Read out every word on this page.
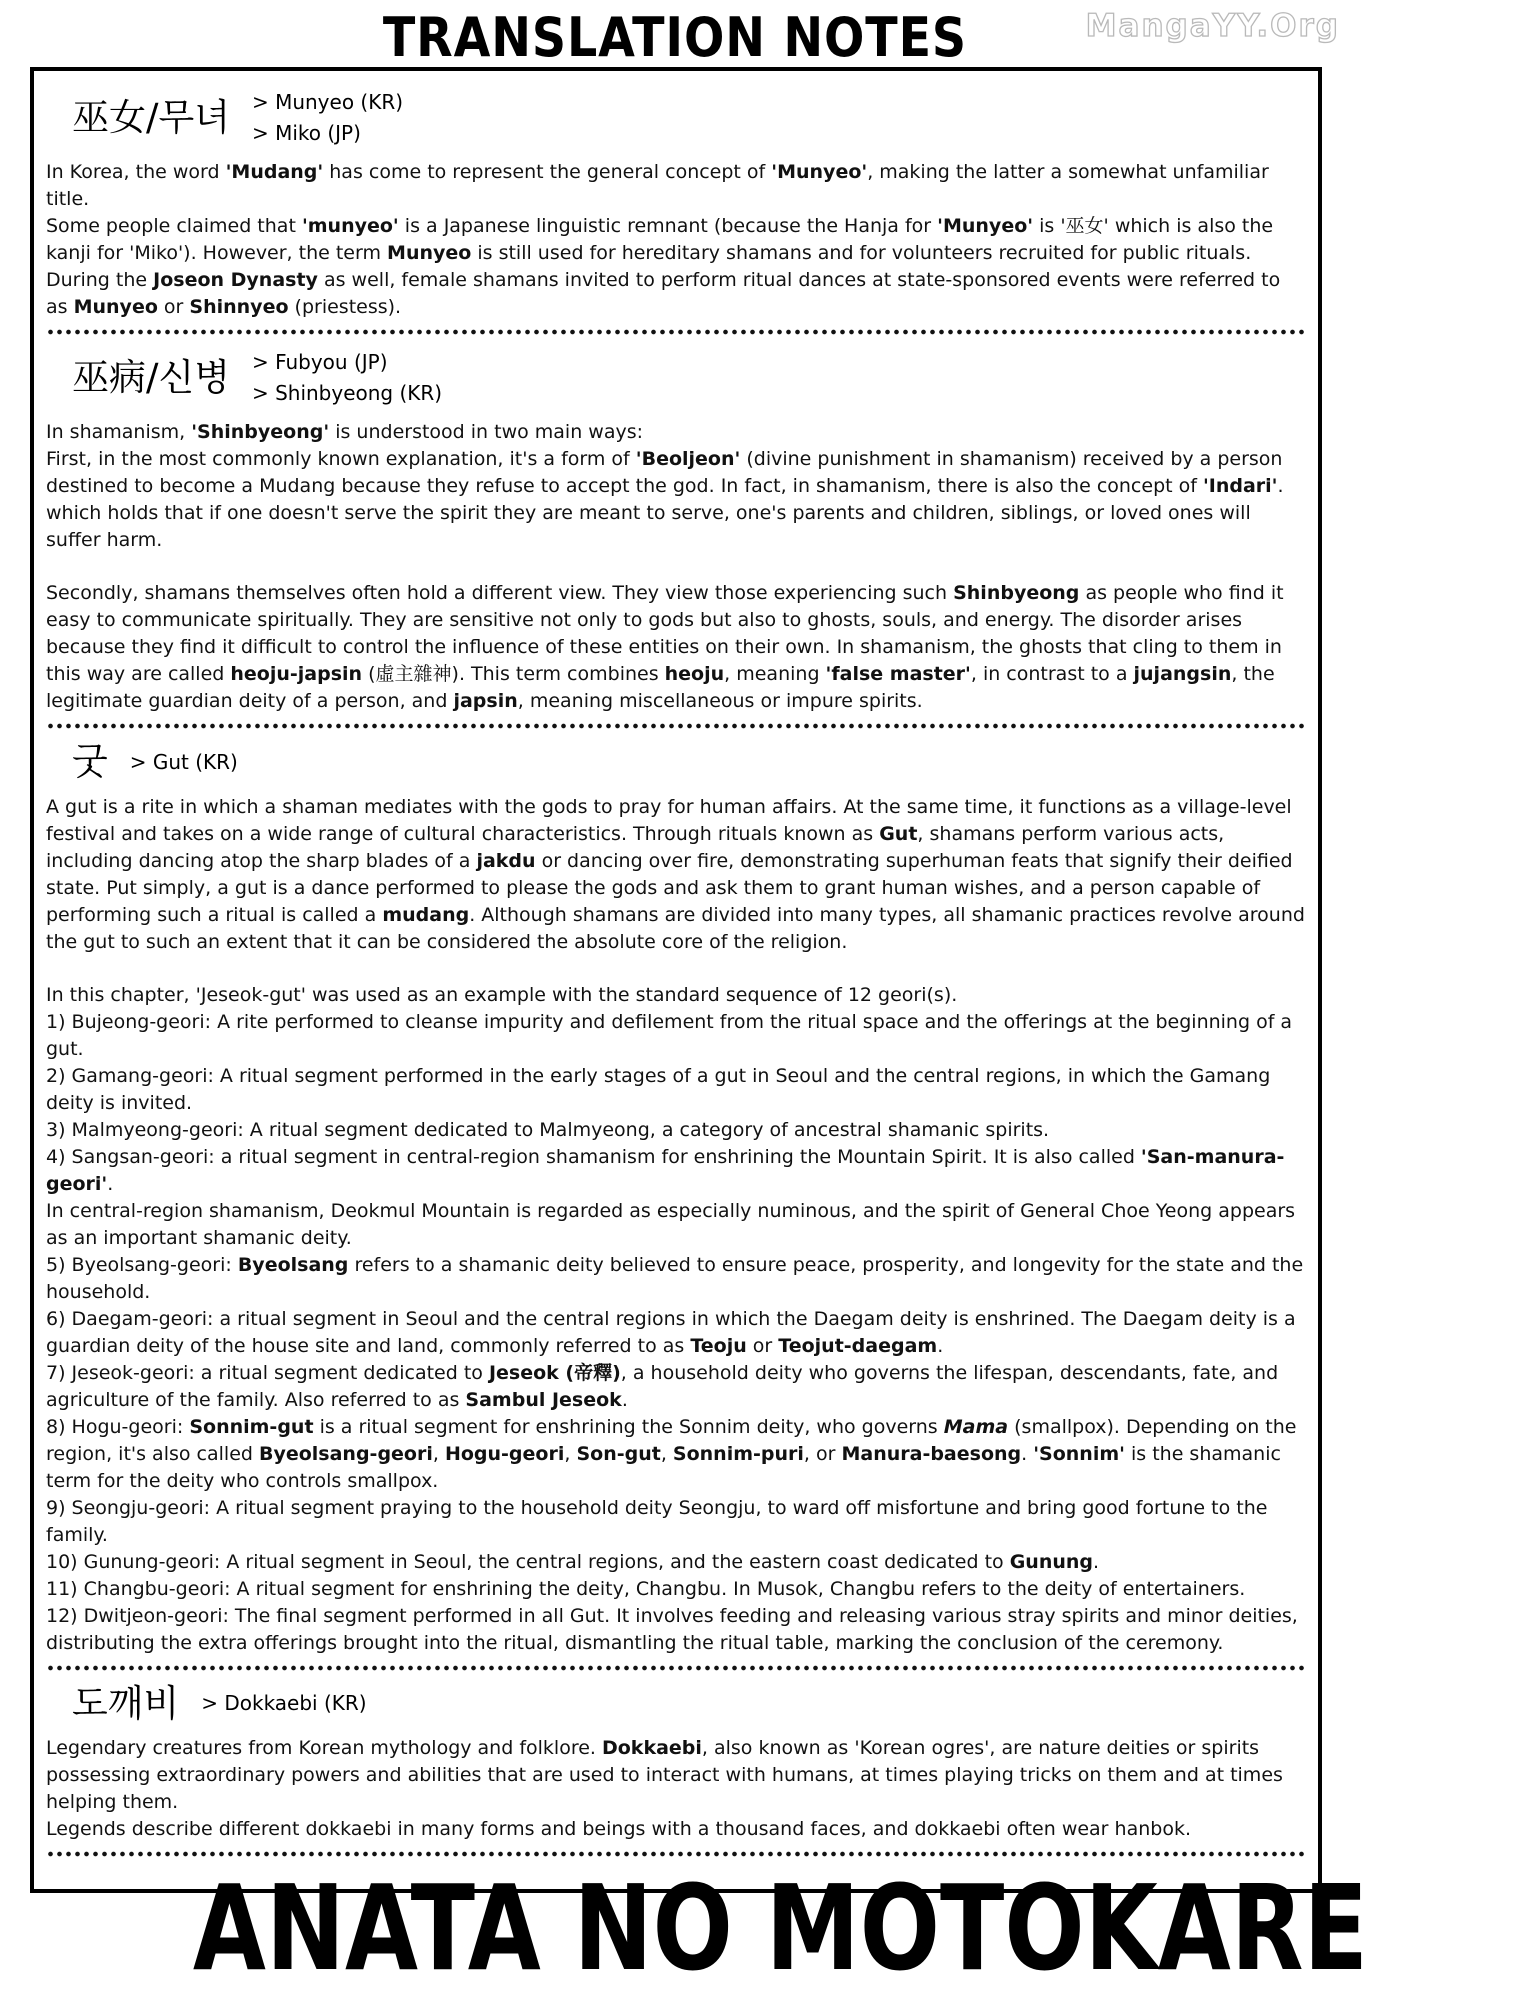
TRANSLATION NOTES	MangaYY.Org
巫女/무녀 > Munyeo (KR)
> Miko (JP)

In Korea, the word 'Mudang' has come to represent the general concept of 'Munyeo', making the latter a somewhat unfamiliar title.
Some people claimed that 'munyeo' is a Japanese linguistic remnant (because the Hanja for 'Munyeo' is '巫女' which is also the kanji for 'Miko'). However, the term Munyeo is still used for hereditary shamans and for volunteers recruited for public rituals. During the Joseon Dynasty as well, female shamans invited to perform ritual dances at state-sponsored events were referred to as Munyeo or Shinnyeo (priestess).

巫病/신병 > Fubyou (JP)
> Shinbyeong (KR)

In shamanism, 'Shinbyeong' is understood in two main ways:
First, in the most commonly known explanation, it's a form of 'Beoljeon' (divine punishment in shamanism) received by a person destined to become a Mudang because they refuse to accept the god. In fact, in shamanism, there is also the concept of 'Indari'. which holds that if one doesn't serve the spirit they are meant to serve, one's parents and children, siblings, or loved ones will suffer harm.

Secondly, shamans themselves often hold a different view. They view those experiencing such Shinbyeong as people who find it easy to communicate spiritually. They are sensitive not only to gods but also to ghosts, souls, and energy. The disorder arises because they find it difficult to control the influence of these entities on their own. In shamanism, the ghosts that cling to them in this way are called heoju-japsin (虛主雜神). This term combines heoju, meaning 'false master', in contrast to a jujangsin, the legitimate guardian deity of a person, and japsin, meaning miscellaneous or impure spirits.

굿 > Gut (KR)

A gut is a rite in which a shaman mediates with the gods to pray for human affairs. At the same time, it functions as a village-level festival and takes on a wide range of cultural characteristics. Through rituals known as Gut, shamans perform various acts, including dancing atop the sharp blades of a jakdu or dancing over fire, demonstrating superhuman feats that signify their deified state. Put simply, a gut is a dance performed to please the gods and ask them to grant human wishes, and a person capable of performing such a ritual is called a mudang. Although shamans are divided into many types, all shamanic practices revolve around the gut to such an extent that it can be considered the absolute core of the religion.

In this chapter, 'Jeseok-gut' was used as an example with the standard sequence of 12 geori(s).
1) Bujeong-geori: A rite performed to cleanse impurity and defilement from the ritual space and the offerings at the beginning of a gut.
2) Gamang-geori: A ritual segment performed in the early stages of a gut in Seoul and the central regions, in which the Gamang deity is invited.
3) Malmyeong-geori: A ritual segment dedicated to Malmyeong, a category of ancestral shamanic spirits.
4) Sangsan-geori: a ritual segment in central-region shamanism for enshrining the Mountain Spirit. It is also called 'San-manura-geori'.
In central-region shamanism, Deokmul Mountain is regarded as especially numinous, and the spirit of General Choe Yeong appears as an important shamanic deity.
5) Byeolsang-geori: Byeolsang refers to a shamanic deity believed to ensure peace, prosperity, and longevity for the state and the household.
6) Daegam-geori: a ritual segment in Seoul and the central regions in which the Daegam deity is enshrined. The Daegam deity is a guardian deity of the house site and land, commonly referred to as Teoju or Teojut-daegam.
7) Jeseok-geori: a ritual segment dedicated to Jeseok (帝釋), a household deity who governs the lifespan, descendants, fate, and agriculture of the family. Also referred to as Sambul Jeseok.
8) Hogu-geori: Sonnim-gut is a ritual segment for enshrining the Sonnim deity, who governs Mama (smallpox). Depending on the region, it's also called Byeolsang-geori, Hogu-geori, Son-gut, Sonnim-puri, or Manura-baesong. 'Sonnim' is the shamanic term for the deity who controls smallpox.
9) Seongju-geori: A ritual segment praying to the household deity Seongju, to ward off misfortune and bring good fortune to the family.
10) Gunung-geori: A ritual segment in Seoul, the central regions, and the eastern coast dedicated to Gunung.
11) Changbu-geori: A ritual segment for enshrining the deity, Changbu. In Musok, Changbu refers to the deity of entertainers.
12) Dwitjeon-geori: The final segment performed in all Gut. It involves feeding and releasing various stray spirits and minor deities, distributing the extra offerings brought into the ritual, dismantling the ritual table, marking the conclusion of the ceremony.

도깨비 > Dokkaebi (KR)

Legendary creatures from Korean mythology and folklore. Dokkaebi, also known as 'Korean ogres', are nature deities or spirits possessing extraordinary powers and abilities that are used to interact with humans, at times playing tricks on them and at times helping them.
Legends describe different dokkaebi in many forms and beings with a thousand faces, and dokkaebi often wear hanbok.

ANATA NO MOTOKARE
